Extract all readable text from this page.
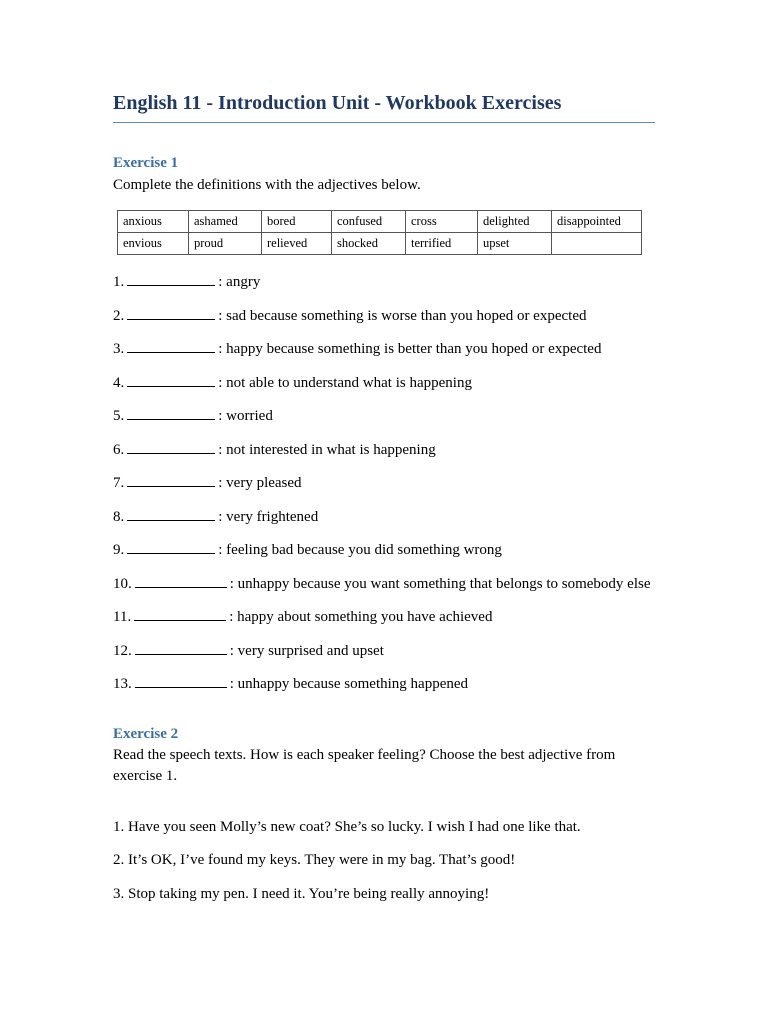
English 11 - Introduction Unit - Workbook Exercises
Exercise 1
Complete the definitions with the adjectives below.
anxious	ashamed	bored	confused	cross	delighted	disappointed
envious	proud	relieved	shocked	terrified	upset	
1.	: angry
2.	: sad because something is worse than you hoped or expected
3.	: happy because something is better than you hoped or expected
4.	: not able to understand what is happening
5.	: worried
6.	: not interested in what is happening
7.	: very pleased
8.	: very frightened
9.	: feeling bad because you did something wrong
10.	: unhappy because you want something that belongs to somebody else
11.	: happy about something you have achieved
12.	: very surprised and upset
13.	: unhappy because something happened
Exercise 2
Read the speech texts. How is each speaker feeling? Choose the best adjective from exercise 1.
1. Have you seen Molly’s new coat? She’s so lucky. I wish I had one like that.
2. It’s OK, I’ve found my keys. They were in my bag. That’s good!
3. Stop taking my pen. I need it. You’re being really annoying!
